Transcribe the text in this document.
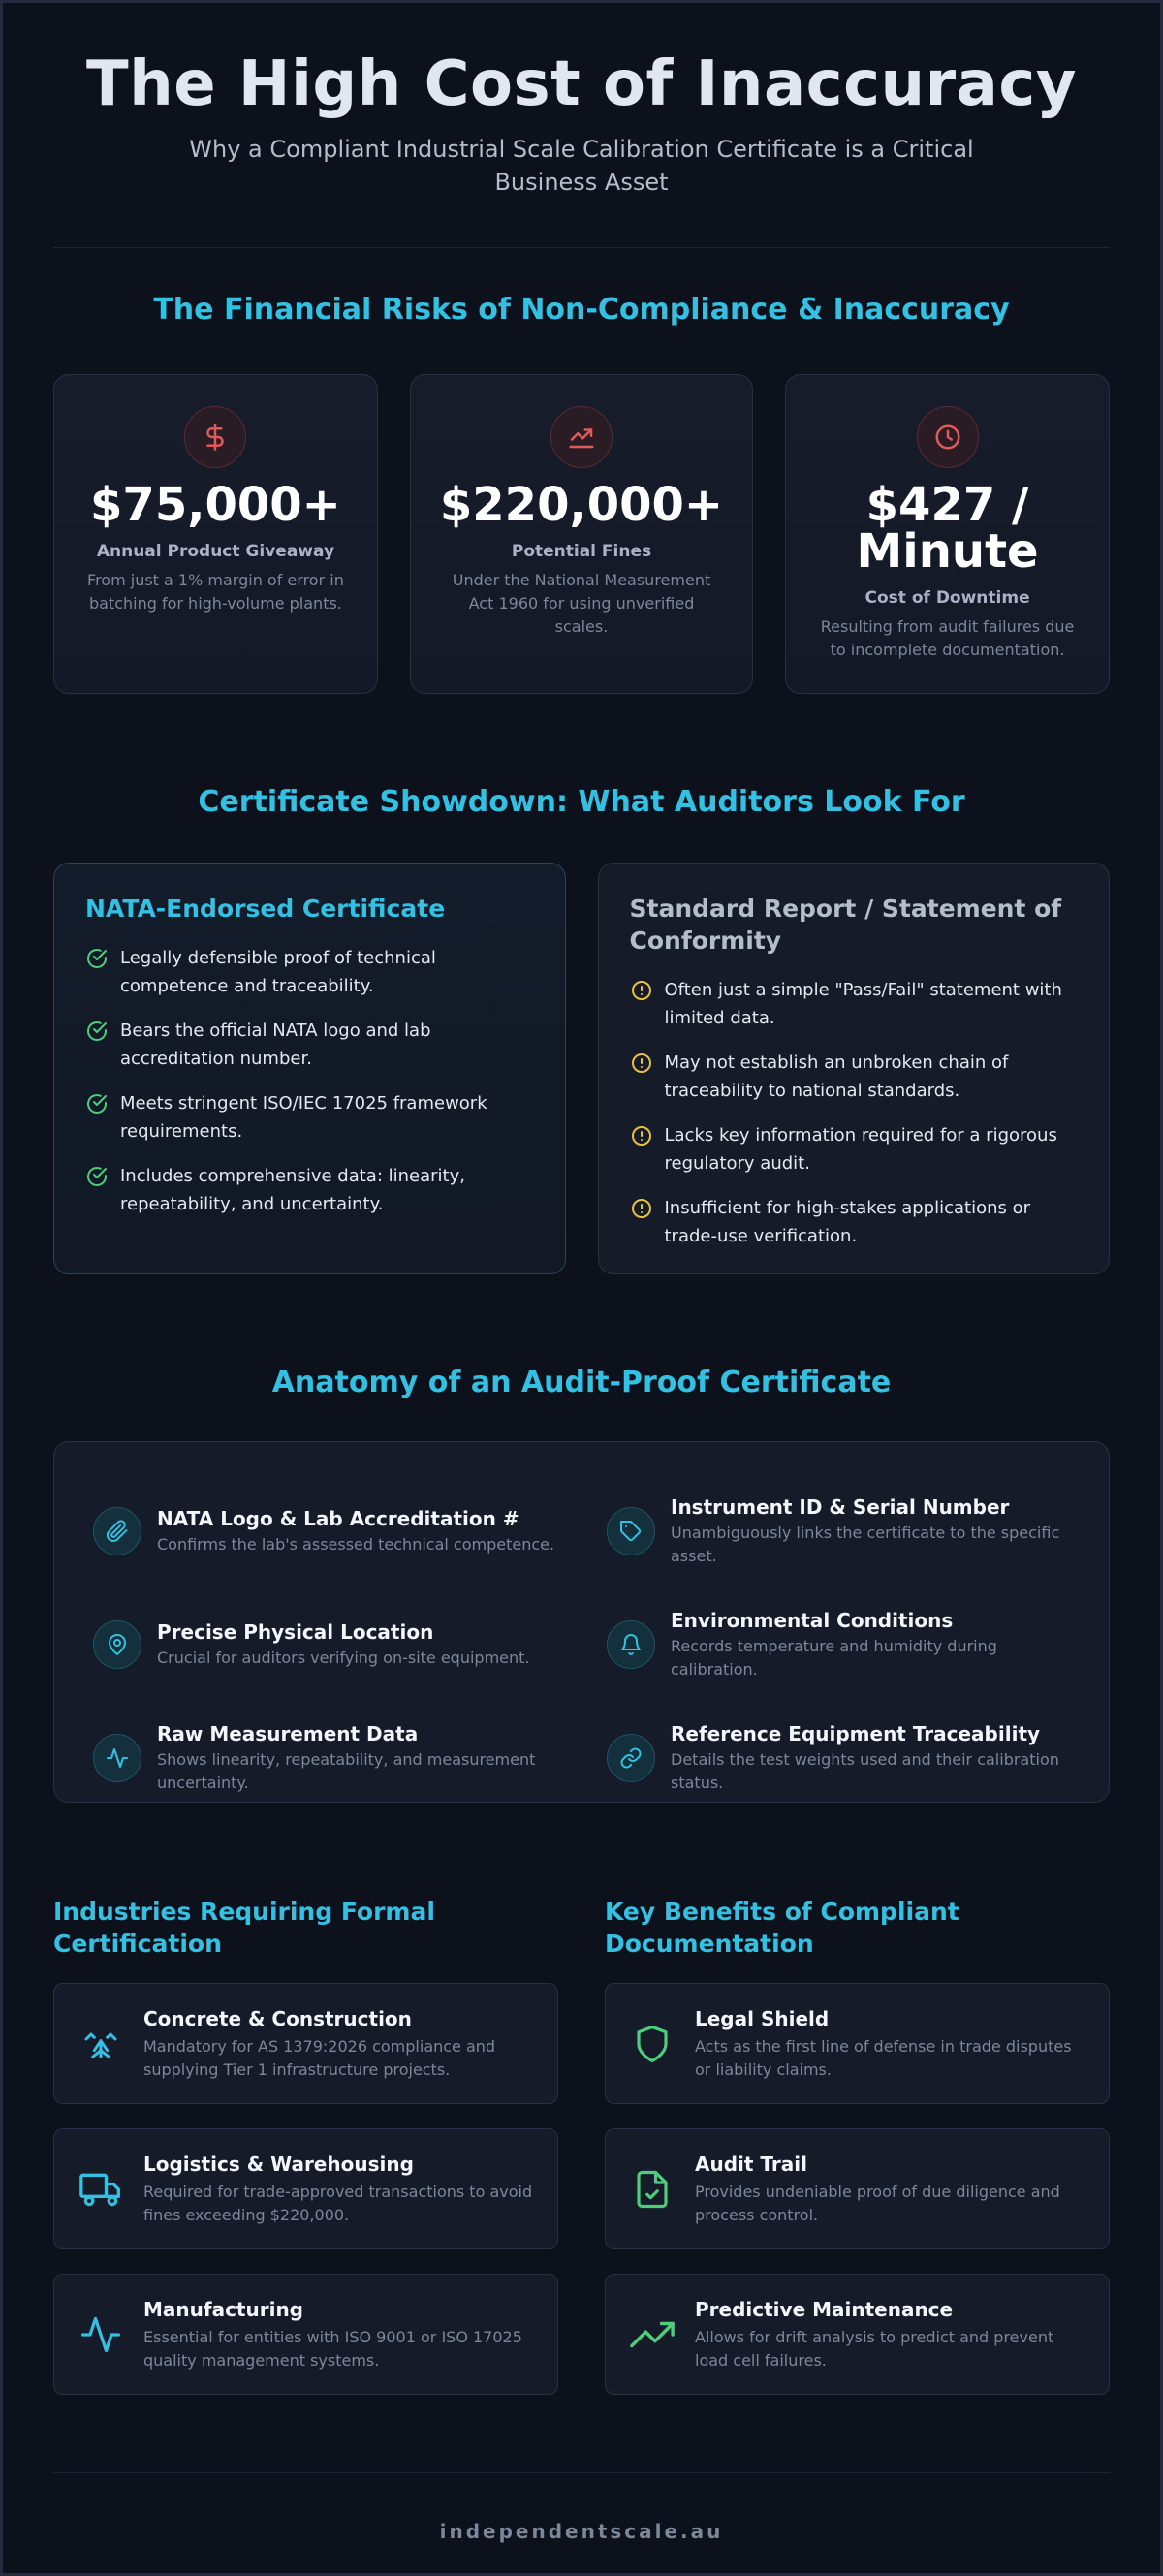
The High Cost of Inaccuracy
Why a Compliant Industrial Scale Calibration Certificate is a Critical Business Asset
The Financial Risks of Non-Compliance & Inaccuracy
$75,000+
Annual Product Giveaway
From just a 1% margin of error in batching for high-volume plants.
$220,000+
Potential Fines
Under the National Measurement Act 1960 for using unverified scales.
$427 / Minute
Cost of Downtime
Resulting from audit failures due to incomplete documentation.
Certificate Showdown: What Auditors Look For
NATA-Endorsed Certificate
Legally defensible proof of technical competence and traceability.
Bears the official NATA logo and lab accreditation number.
Meets stringent ISO/IEC 17025 framework requirements.
Includes comprehensive data: linearity, repeatability, and uncertainty.
Standard Report / Statement of Conformity
Often just a simple "Pass/Fail" statement with limited data.
May not establish an unbroken chain of traceability to national standards.
Lacks key information required for a rigorous regulatory audit.
Insufficient for high-stakes applications or trade-use verification.
Anatomy of an Audit-Proof Certificate
NATA Logo & Lab Accreditation #
Confirms the lab's assessed technical competence.
Instrument ID & Serial Number
Unambiguously links the certificate to the specific asset.
Precise Physical Location
Crucial for auditors verifying on-site equipment.
Environmental Conditions
Records temperature and humidity during calibration.
Raw Measurement Data
Shows linearity, repeatability, and measurement uncertainty.
Reference Equipment Traceability
Details the test weights used and their calibration status.
Industries Requiring Formal Certification
Concrete & Construction
Mandatory for AS 1379:2026 compliance and supplying Tier 1 infrastructure projects.
Logistics & Warehousing
Required for trade-approved transactions to avoid fines exceeding $220,000.
Manufacturing
Essential for entities with ISO 9001 or ISO 17025 quality management systems.
Key Benefits of Compliant Documentation
Legal Shield
Acts as the first line of defense in trade disputes or liability claims.
Audit Trail
Provides undeniable proof of due diligence and process control.
Predictive Maintenance
Allows for drift analysis to predict and prevent load cell failures.
independentscale.au
